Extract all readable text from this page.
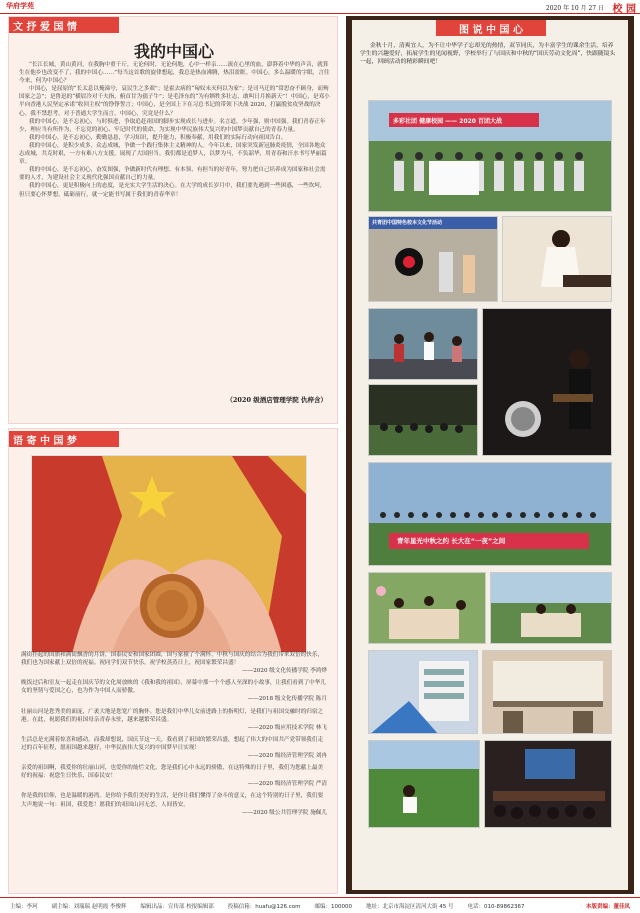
华府学苑	2020 年 10 月 27 日 校 园
文 抒 爱 国 情
我的中国心

“长江长城，黄山黄河，在我胸中重千斤，无论何时，无论何地，心中一样亲……流在心里的血，澎湃着中华的声音，就算生在他乡也改变不了，我的中国心……”每当这首歌的旋律想起，我总是热血沸腾，热泪盈眶。中国心，多么温暖的字眼，言往今来，何为中国心？

中国心，是屈原的“长太息以掩涕兮，哀民生之多艰”；是霍去病的“匈奴未灭何以为家”；是司马迁的“常思奋不顾身，而殉国家之急”；是鲁迅的“横眉冷对千夫指，俯首甘为孺子牛”；是毛泽东的“为有牺牲多壮志，敢叫日月换新天”！中国心，是邓小平向香港人民坚定承诺“收回主权”的铮铮誓言；中国心，是全国上下在习总书记的带领下决战 2020，打赢脱贫攻坚战的决心。我不禁思考，对于普通大学生而言，中国心，究竟是什么？

我的中国心，是不忘初心，与时俱进，争取追赶祖国的脚步实现成长与进步。名言道，少年强，则中国强。我们青春正年少，理应当有所作为，不忘党的初心、牢记时代的使命，为实现中华民族伟大复兴的中国梦贡献自己的青春力量。

我的中国心，是不忘初心，勤勤恳恳，学习知识，提升能力，积极奉献，用我们的实际行动向祖国告白。

我的中国心，是积少成多，众志成城，争做一个践行集体主义精神的人。今年以来，国家突发新冠肺炎疫情，全国各地众志成城，共克时艰，一方有难八方支援，展现了大国担当。我们都是追梦人，以梦为马，不负韶华，用青春和汗水书写华丽篇章。

我的中国心，是不忘初心，奋发图强，争做新时代有理想、有本领、有担当的好青年，努力把自己培养成为国家和社会需要的人才，为建设社会主义现代化强国贡献自己的力量。

我的中国心，更是积极向上的态度，是充实大学生活的决心。在大学的成长岁月中，我们要先遇到一些困惑，一些坎坷，但只要心怀梦想，砥砺前行，就一定能书写属于我们的青春华章！

（2020 级酒店管理学院 仇梓含）
语 寄 中 国 梦

满街挂起的国旗和满街飘香的月饼，国泰民安和国家团圆，国与家撞了个满怀。中秋与国庆的结合为我们带来双倍的快乐，我们也为国家献上双倍的祝福。祝同学们双节快乐，祝学校蒸蒸日上，祝国家繁荣昌盛！

——2020 级文化传播学院 李鸿烨

晚饭过后和室友一起走在国庆节的文化周放映的《我和我的祖国》，屏幕中那一个个感人至深的小故事，让我们看到了中华儿女的坚韧与爱国之心，也为作为中国人而骄傲。

——2018 级文化传播学院 陈月

壮丽山河是您秀美的面庞，广袤大地是您宽广的胸怀。您是我们中华儿女前进路上的指明灯，是我们与祖国交融时的归宿之港。在此，祝愿我们的祖国母亲青春永驻，越来越繁荣昌盛。

——2020 级应用技术学院 林飞

生活总是充满着惊喜和感动，而我却想说，国庆节这一天，我看到了祖国的繁荣昌盛，想起了伟大的中国共产党带领我们走过的百年征程，愿祖国越来越好，中华民族伟大复兴的中国梦早日实现！

——2020 级经济管理学院 刘冉

亲爱的祖国啊，我爱你的壮丽山河，也爱你的灿烂文化。您是我们心中永远的骄傲，在这特殊的日子里，我们为您献上最美好的祝福：祝您生日快乐，国泰民安！

——2020 级经济管理学院 严清

你是我的信仰，也是温暖的港湾。是你给予我们美好的生活，是你让我们懂得了奋斗的意义，在这个特别的日子里，我们要大声地说一句：祖国，我爱您！愿我们的祖国山河无恙，人间皆安。

——2020 级公共管理学院 施佩儿

图 说 中 国 心
金秋十月，清爽宜人，为不让中华学子忘却光的热情，双节同庆，为丰富学生的课余生活，培养学生的兴趣爱好，拓展学生的见闻视野，学校举行了与国庆和中秋的“国庆劳动文化周”，快跟随镜头一起，回顾活动的精彩瞬间吧！
多彩社团 健康校园 —— 2020 百团大战
共青团中国特色校本文化节活动
青年星光中秋之约 长大在“一夜”之间
主编：李珂	副主编：刘瑞瑞 赵明霞 李俊辉	编辑出品：宣传部 校报编辑部	投稿信箱：huafu@126.com	邮编：100000	地址：北京市海淀区清河大街 45 号	电话：010-89862367	本版责编：董佳凤
